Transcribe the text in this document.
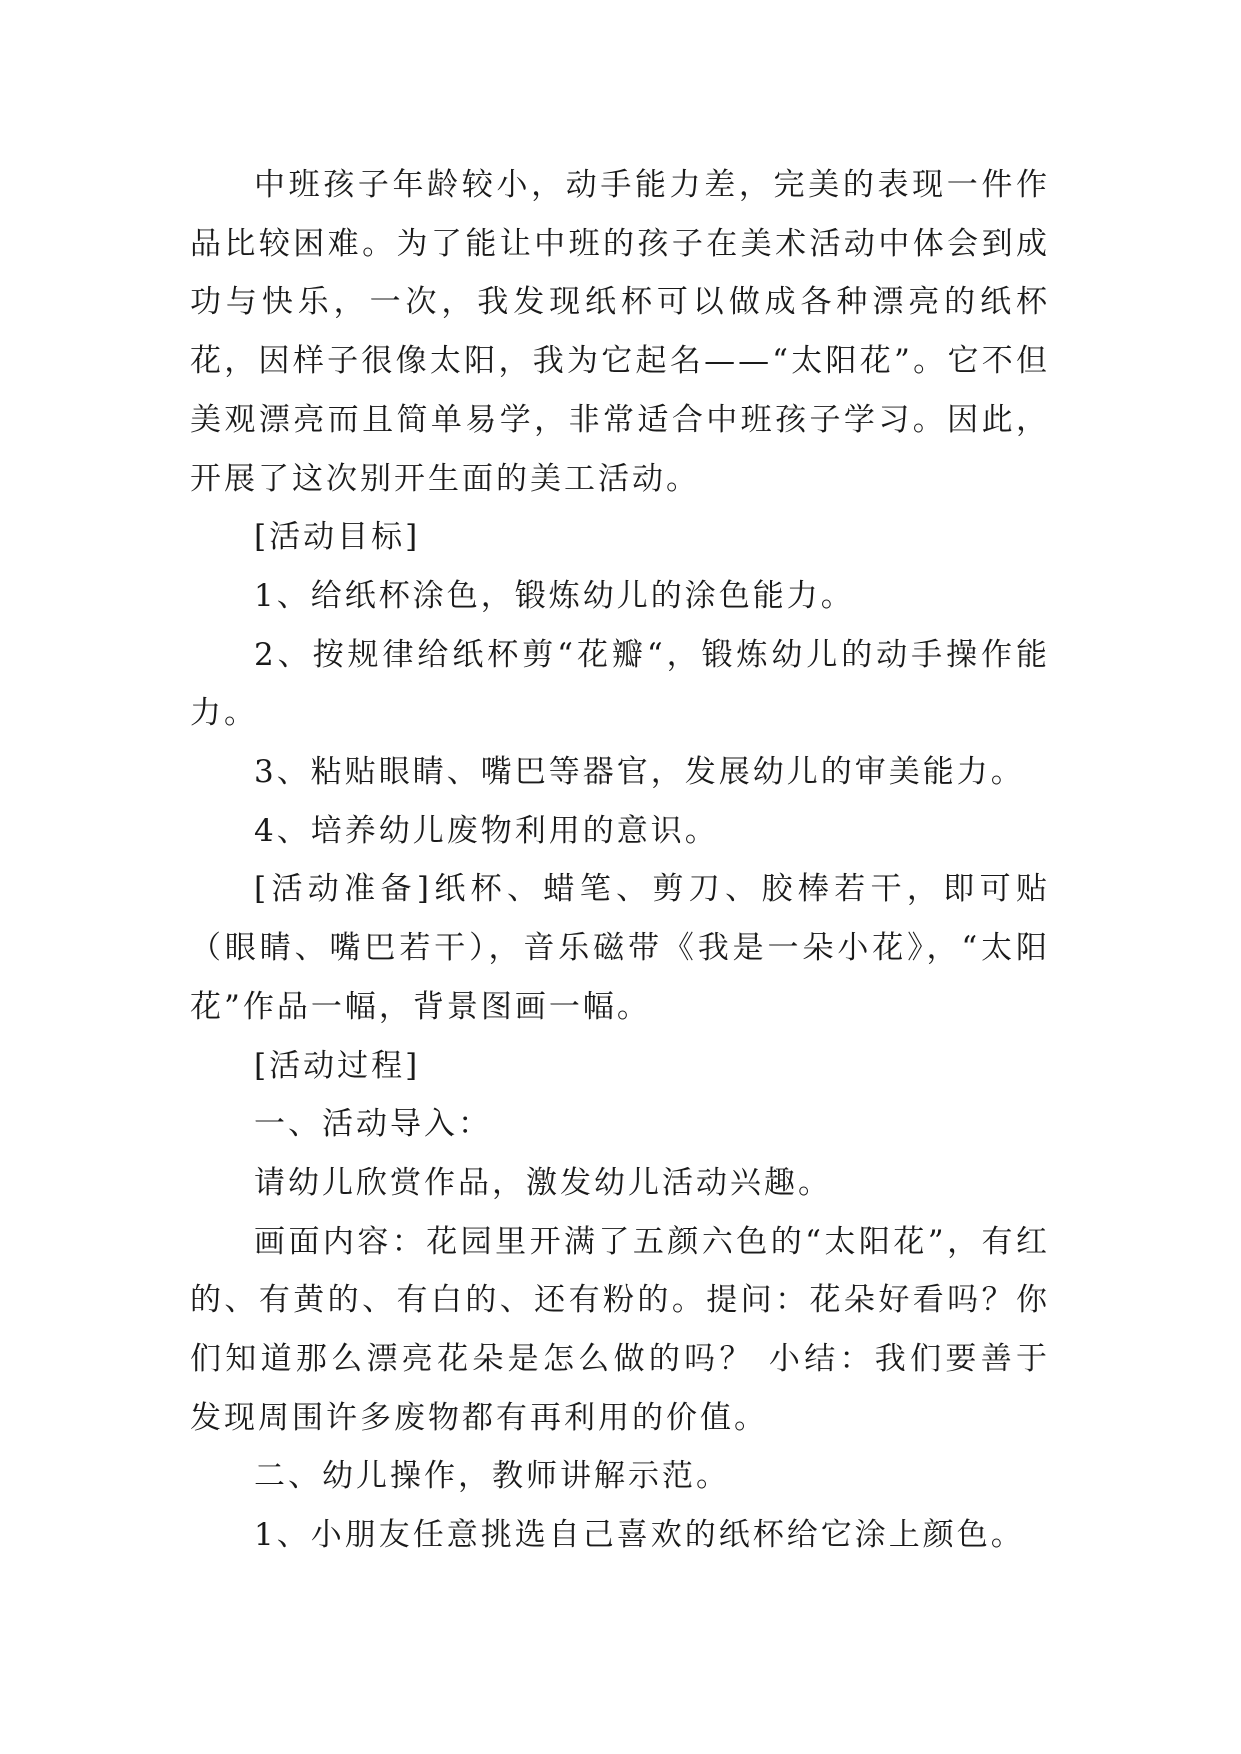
中班孩子年龄较小，动手能力差，完美的表现一件作品比较困难。为了能让中班的孩子在美术活动中体会到成功与快乐，一次，我发现纸杯可以做成各种漂亮的纸杯花，因样子很像太阳，我为它起名——“太阳花”。它不但美观漂亮而且简单易学，非常适合中班孩子学习。因此，开展了这次别开生面的美工活动。

[活动目标]

1、给纸杯涂色，锻炼幼儿的涂色能力。

2、按规律给纸杯剪“花瓣“，锻炼幼儿的动手操作能力。

3、粘贴眼睛、嘴巴等器官，发展幼儿的审美能力。

4、培养幼儿废物利用的意识。

[活动准备]纸杯、蜡笔、剪刀、胶棒若干，即可贴（眼睛、嘴巴若干），音乐磁带《我是一朵小花》，“太阳花”作品一幅，背景图画一幅。

[活动过程]

一、活动导入：

请幼儿欣赏作品，激发幼儿活动兴趣。

画面内容：花园里开满了五颜六色的“太阳花”，有红的、有黄的、有白的、还有粉的。提问：花朵好看吗？你们知道那么漂亮花朵是怎么做的吗？ 小结：我们要善于发现周围许多废物都有再利用的价值。

二、幼儿操作，教师讲解示范。

1、小朋友任意挑选自己喜欢的纸杯给它涂上颜色。
